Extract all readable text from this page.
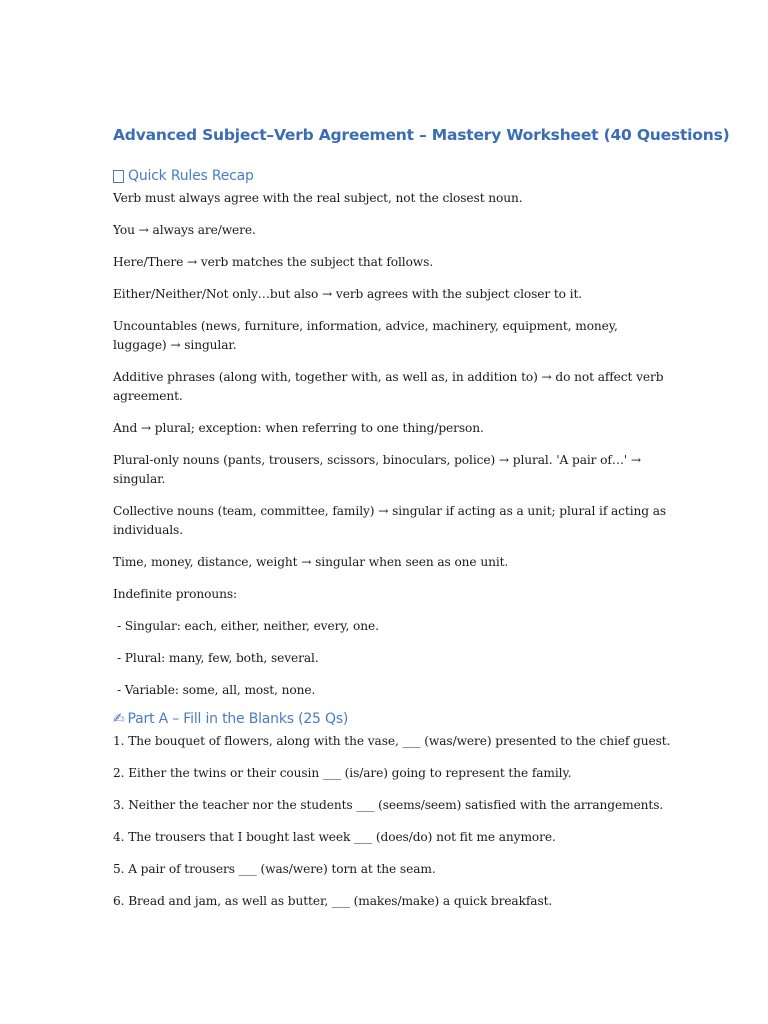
Advanced Subject–Verb Agreement – Mastery Worksheet (40 Questions)
Quick Rules Recap

Verb must always agree with the real subject, not the closest noun.

You → always are/were.

Here/There → verb matches the subject that follows.

Either/Neither/Not only…but also → verb agrees with the subject closer to it.

Uncountables (news, furniture, information, advice, machinery, equipment, money, luggage) → singular.

Additive phrases (along with, together with, as well as, in addition to) → do not affect verb agreement.

And → plural; exception: when referring to one thing/person.

Plural-only nouns (pants, trousers, scissors, binoculars, police) → plural. 'A pair of…' → singular.

Collective nouns (team, committee, family) → singular if acting as a unit; plural if acting as individuals.

Time, money, distance, weight → singular when seen as one unit.

Indefinite pronouns:

- Singular: each, either, neither, every, one.

- Plural: many, few, both, several.

- Variable: some, all, most, none.

✍ Part A – Fill in the Blanks (25 Qs)

1. The bouquet of flowers, along with the vase, ___ (was/were) presented to the chief guest.

2. Either the twins or their cousin ___ (is/are) going to represent the family.

3. Neither the teacher nor the students ___ (seems/seem) satisfied with the arrangements.

4. The trousers that I bought last week ___ (does/do) not fit me anymore.

5. A pair of trousers ___ (was/were) torn at the seam.

6. Bread and jam, as well as butter, ___ (makes/make) a quick breakfast.
